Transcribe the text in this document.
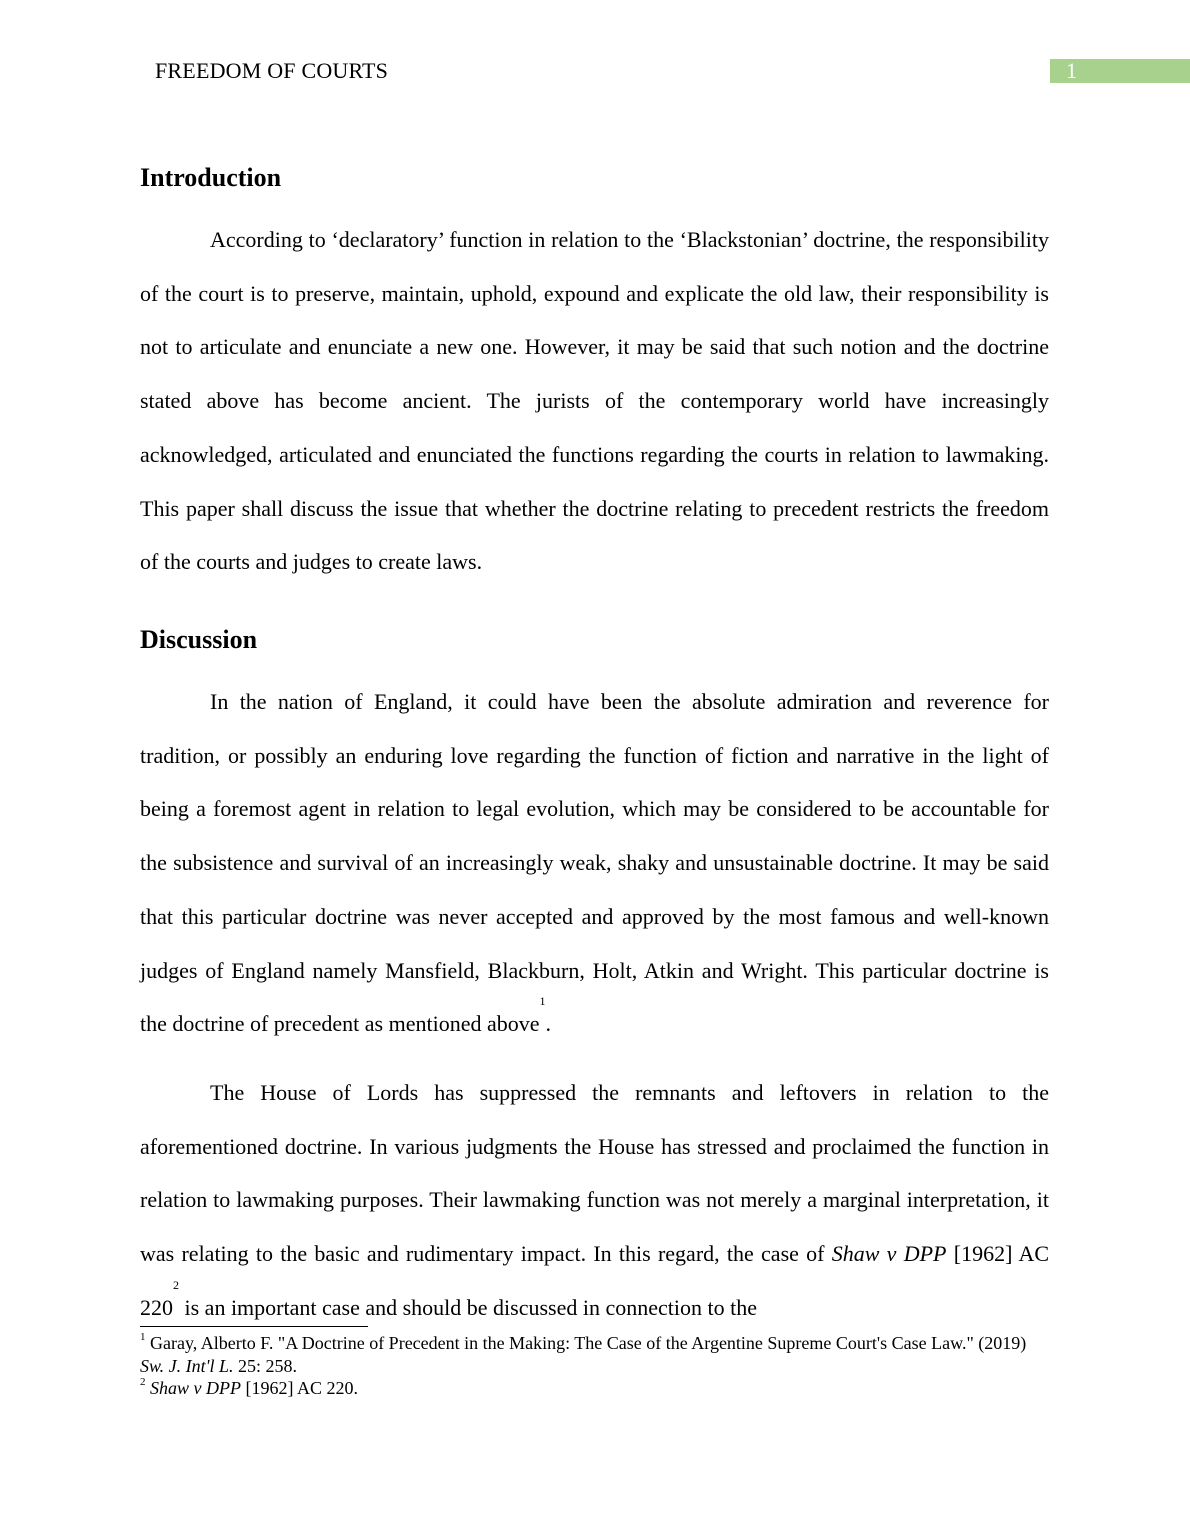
FREEDOM OF COURTS	1
Introduction

According to ‘declaratory’ function in relation to the ‘Blackstonian’ doctrine, the responsibility of the court is to preserve, maintain, uphold, expound and explicate the old law, their responsibility is not to articulate and enunciate a new one. However, it may be said that such notion and the doctrine stated above has become ancient. The jurists of the contemporary world have increasingly acknowledged, articulated and enunciated the functions regarding the courts in relation to lawmaking. This paper shall discuss the issue that whether the doctrine relating to precedent restricts the freedom of the courts and judges to create laws.

Discussion

In the nation of England, it could have been the absolute admiration and reverence for tradition, or possibly an enduring love regarding the function of fiction and narrative in the light of being a foremost agent in relation to legal evolution, which may be considered to be accountable for the subsistence and survival of an increasingly weak, shaky and unsustainable doctrine. It may be said that this particular doctrine was never accepted and approved by the most famous and well-known judges of England namely Mansfield, Blackburn, Holt, Atkin and Wright. This particular doctrine is the doctrine of precedent as mentioned above$^1$.

The House of Lords has suppressed the remnants and leftovers in relation to the aforementioned doctrine. In various judgments the House has stressed and proclaimed the function in relation to lawmaking purposes. Their lawmaking function was not merely a marginal interpretation, it was relating to the basic and rudimentary impact. In this regard, the case of Shaw v DPP [1962] AC $220^2$ is an important case and should be discussed in connection to the

$^1$ Garay, Alberto F. "A Doctrine of Precedent in the Making: The Case of the Argentine Supreme Court's Case Law." (2019) Sw. J. Int'l L. 25: 258.

$^2$ Shaw v DPP [1962] AC 220.
